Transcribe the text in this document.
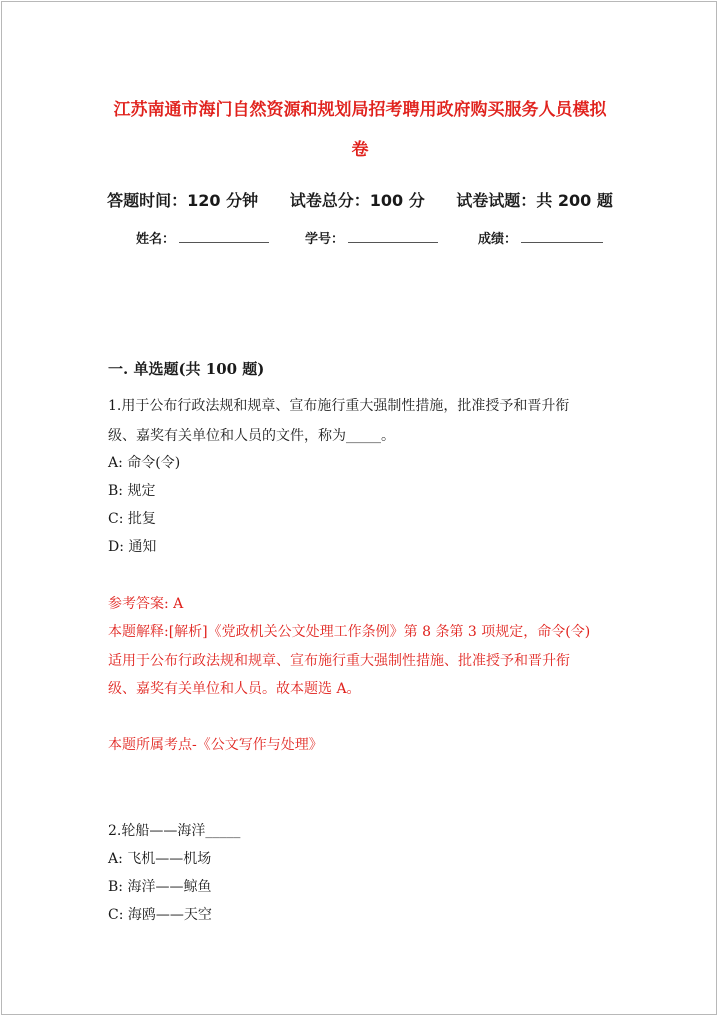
江苏南通市海门自然资源和规划局招考聘用政府购买服务人员模拟

卷

答题时间：120 分钟 试卷总分：100 分 试卷试题：共 200 题
姓名：	学号：	成绩：

一. 单选题(共 100 题)

1.用于公布行政法规和规章、宣布施行重大强制性措施，批准授予和晋升衔

级、嘉奖有关单位和人员的文件，称为_____。

A: 命令(令)

B: 规定

C: 批复

D: 通知

参考答案: A

本题解释:[解析]《党政机关公文处理工作条例》第 8 条第 3 项规定，命令(令)

适用于公布行政法规和规章、宣布施行重大强制性措施、批准授予和晋升衔

级、嘉奖有关单位和人员。故本题选 A。

本题所属考点-《公文写作与处理》

2.轮船——海洋_____

A: 飞机——机场

B: 海洋——鲸鱼

C: 海鸥——天空
